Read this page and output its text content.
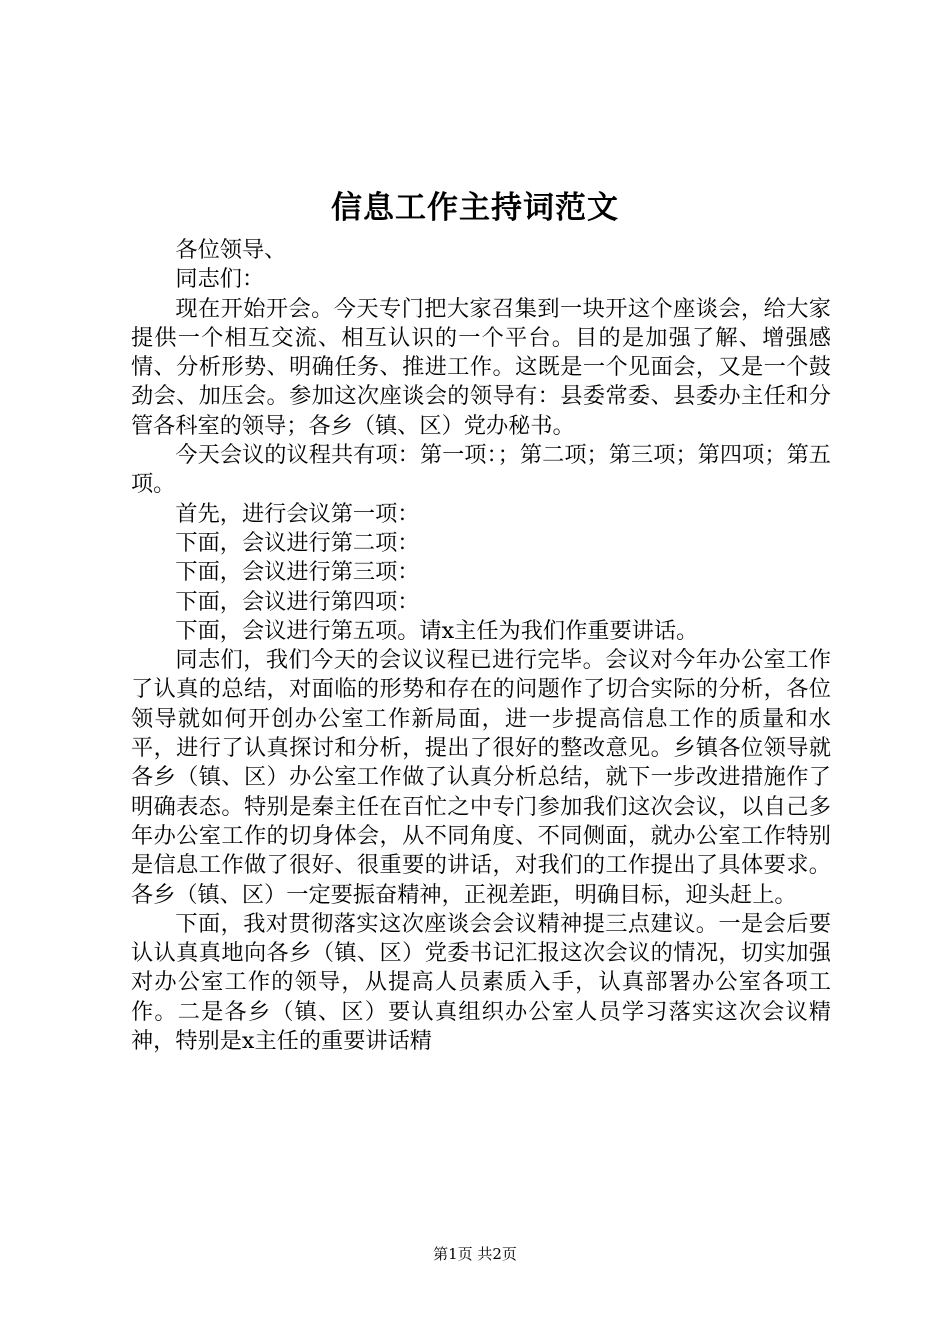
信息工作主持词范文

各位领导、

同志们：

现在开始开会。今天专门把大家召集到一块开这个座谈会，给大家提供一个相互交流、相互认识的一个平台。目的是加强了解、增强感情、分析形势、明确任务、推进工作。这既是一个见面会，又是一个鼓劲会、加压会。参加这次座谈会的领导有：县委常委、县委办主任和分管各科室的领导；各乡（镇、区）党办秘书。

今天会议的议程共有项：第一项：；第二项；第三项；第四项；第五项。

首先，进行会议第一项：

下面，会议进行第二项：

下面，会议进行第三项：

下面，会议进行第四项：

下面，会议进行第五项。请x主任为我们作重要讲话。

同志们，我们今天的会议议程已进行完毕。会议对今年办公室工作了认真的总结，对面临的形势和存在的问题作了切合实际的分析，各位领导就如何开创办公室工作新局面，进一步提高信息工作的质量和水平，进行了认真探讨和分析，提出了很好的整改意见。乡镇各位领导就各乡（镇、区）办公室工作做了认真分析总结，就下一步改进措施作了明确表态。特别是秦主任在百忙之中专门参加我们这次会议，以自己多年办公室工作的切身体会，从不同角度、不同侧面，就办公室工作特别是信息工作做了很好、很重要的讲话，对我们的工作提出了具体要求。各乡（镇、区）一定要振奋精神，正视差距，明确目标，迎头赶上。

下面，我对贯彻落实这次座谈会会议精神提三点建议。一是会后要认认真真地向各乡（镇、区）党委书记汇报这次会议的情况，切实加强对办公室工作的领导，从提高人员素质入手，认真部署办公室各项工作。二是各乡（镇、区）要认真组织办公室人员学习落实这次会议精神，特别是x主任的重要讲话精

第1页 共2页
